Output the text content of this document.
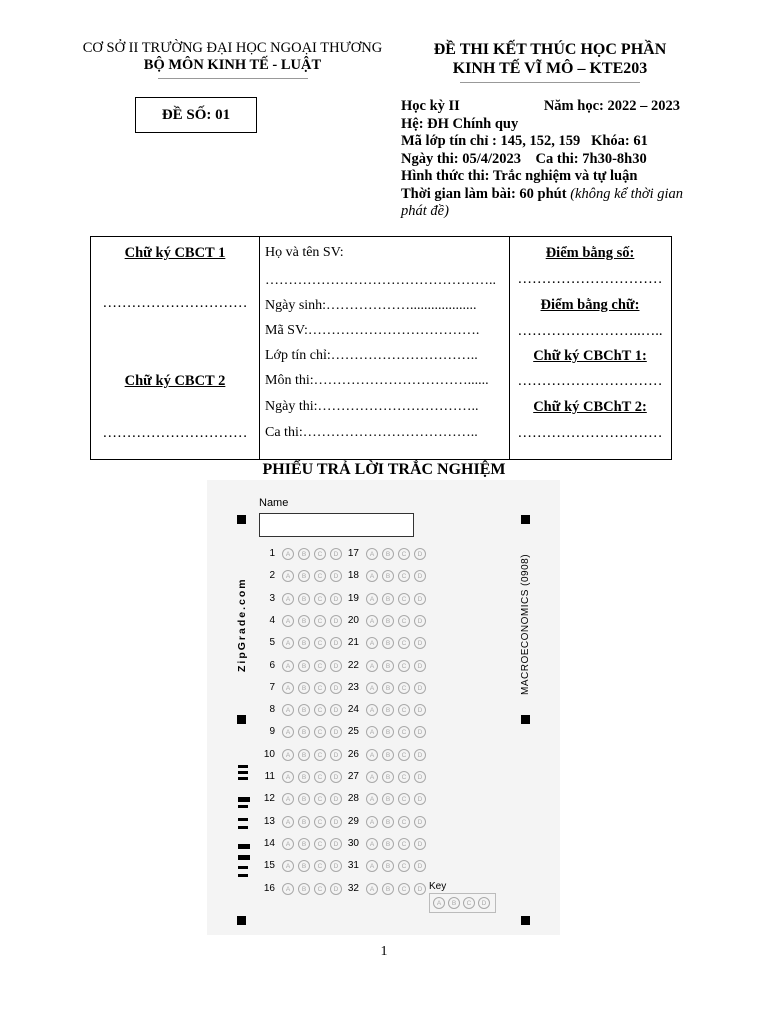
CƠ SỞ II TRƯỜNG ĐẠI HỌC NGOẠI THƯƠNG
BỘ MÔN KINH TẾ - LUẬT
ĐỀ THI KẾT THÚC HỌC PHẦN
KINH TẾ VĨ MÔ – KTE203
ĐỀ SỐ: 01
Học kỳ II	Năm học: 2022 – 2023
Hệ: ĐH Chính quy
Mã lớp tín chỉ : 145, 152, 159 Khóa: 61
Ngày thi: 05/4/2023 Ca thi: 7h30-8h30
Hình thức thi: Trắc nghiệm và tự luận
Thời gian làm bài: 60 phút (không kể thời gian phát đề)
Chữ ký CBCT 1
…………………………
Chữ ký CBCT 2
…………………………
Họ và tên SV:
…………………………………………..
Ngày sinh:………………...................
Mã SV:……………………………….
Lớp tín chỉ:…………………………..
Môn thi:……………………………......
Ngày thi:……………………………..
Ca thi:………………………………..
Điểm bằng số:
…………………………
Điểm bằng chữ:
……………………..…..
Chữ ký CBChT 1:
…………………………
Chữ ký CBChT 2:
…………………………
PHIẾU TRẢ LỜI TRẮC NGHIỆM
Name
ZipGrade.com	MACROECONOMICS (0908)
1	A	B	C	D
2	A	B	C	D
3	A	B	C	D
4	A	B	C	D
5	A	B	C	D
6	A	B	C	D
7	A	B	C	D
8	A	B	C	D
9	A	B	C	D
10	A	B	C	D
11	A	B	C	D
12	A	B	C	D
13	A	B	C	D
14	A	B	C	D
15	A	B	C	D
16	A	B	C	D
17	A	B	C	D
18	A	B	C	D
19	A	B	C	D
20	A	B	C	D
21	A	B	C	D
22	A	B	C	D
23	A	B	C	D
24	A	B	C	D
25	A	B	C	D
26	A	B	C	D
27	A	B	C	D
28	A	B	C	D
29	A	B	C	D
30	A	B	C	D
31	A	B	C	D
32	A	B	C	D Key
A	B	C	D
1
